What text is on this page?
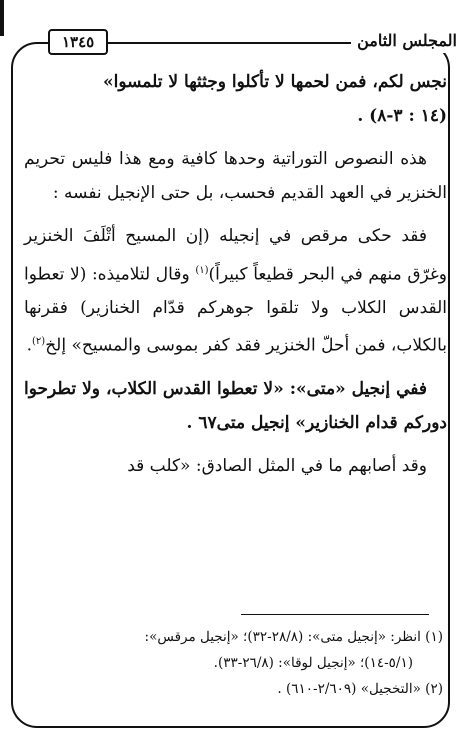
المجلس الثامن
١٣٤٥

نجس لكم، فمن لحمها لا تأكلوا وجثثها لا تلمسوا»

(١٤ : ٣-٨) .

هذه النصوص التوراتية وحدها كافية ومع هذا فليس تحريم الخنزير في العهد القديم فحسب، بل حتى الإنجيل نفسه :

فقد حكى مرقص في إنجيله (إن المسيح أتْلَفَ الخنزير وغرّق منهم في البحر قطيعاً كبيراً)$^{(١)}$ وقال لتلاميذه: (لا تعطوا القدس الكلاب ولا تلقوا جوهركم قدّام الخنازير) فقرنها بالكلاب، فمن أحلّ الخنزير فقد كفر بموسى والمسيح» إلخ$^{(٢)}$.

ففي إنجيل «متى»: «لا تعطوا القدس الكلاب، ولا تطرحوا دوركم قدام الخنازير» إنجيل متى٦٧ .

وقد أصابهم ما في المثل الصادق: «كلب قد

(١) انظر: «إنجيل متى»: (٢٨/٨-٣٢)؛ «إنجيل مرقس»:

(٥/١-١٤)؛ «إنجيل لوقا»: (٢٦/٨-٣٣).

(٢) «التخجيل» (٢/٦٠٩-٦١٠) .
